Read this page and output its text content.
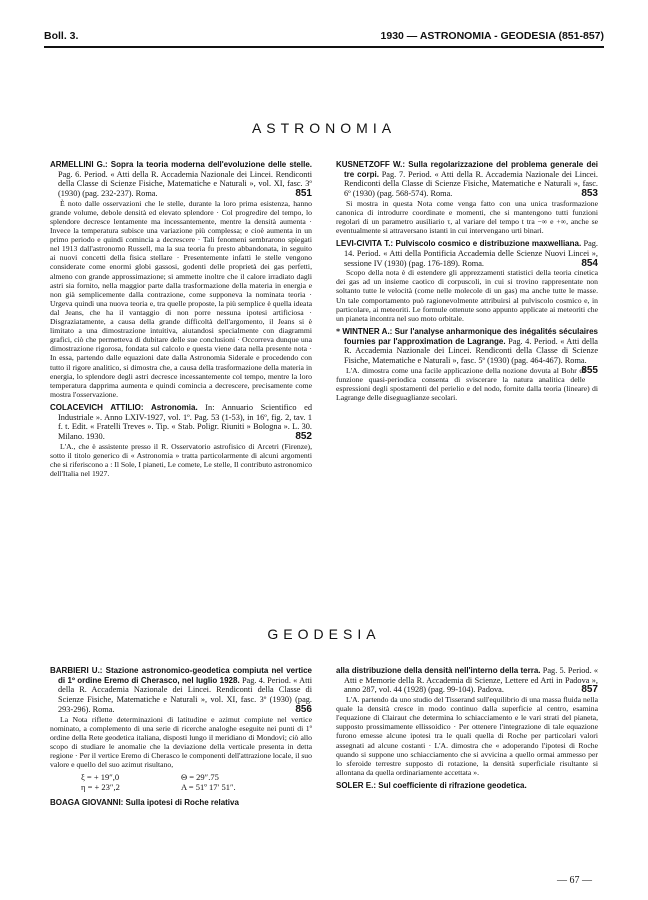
Boll. 3.	1930 — ASTRONOMIA - GEODESIA (851-857)
ASTRONOMIA

ARMELLINI G.: Sopra la teoria moderna dell'evoluzione delle stelle. Pag. 6. Period. « Atti della R. Accademia Nazionale dei Lincei. Rendiconti della Classe di Scienze Fisiche, Matematiche e Naturali », vol. XI, fasc. 3º (1930) (pag. 232-237). Roma.	851

È noto dalle osservazioni che le stelle, durante la loro prima esistenza, hanno grande volume, debole densità ed elevato splendore · Col progredire del tempo, lo splendore decresce lentamente ma incessantemente, mentre la densità aumenta · Invece la temperatura subisce una variazione più complessa; e cioè aumenta in un primo periodo e quindi comincia a decrescere · Tali fenomeni sembrarono spiegati nel 1913 dall'astronomo Russell, ma la sua teoria fu presto abbandonata, in seguito ai nuovi concetti della fisica stellare · Presentemente infatti le stelle vengono considerate come enormi globi gassosi, godenti delle proprietà dei gas perfetti, almeno con grande approssimazione; si ammette inoltre che il calore irradiato dagli astri sia fornito, nella maggior parte dalla trasformazione della materia in energia e non già semplicemente dalla contrazione, come supponeva la nominata teoria · Urgeva quindi una nuova teoria e, tra quelle proposte, la più semplice è quella ideata dal Jeans, che ha il vantaggio di non porre nessuna ipotesi artificiosa · Disgraziatamente, a causa della grande difficoltà dell'argomento, il Jeans si è limitato a una dimostrazione intuitiva, aiutandosi specialmente con diagrammi grafici, ciò che permetteva di dubitare delle sue conclusioni · Occorreva dunque una dimostrazione rigorosa, fondata sul calcolo e questa viene data nella presente nota · In essa, partendo dalle equazioni date dalla Astronomia Siderale e procedendo con tutto il rigore analitico, si dimostra che, a causa della trasformazione della materia in energia, lo splendore degli astri decresce incessantemente col tempo, mentre la loro temperatura dapprima aumenta e quindi comincia a decrescere, precisamente come mostra l'osservazione.

COLACEVICH ATTILIO: Astronomia. In: Annuario Scientifico ed Industriale ». Anno LXIV-1927, vol. 1º. Pag. 53 (1-53), in 16º, fig. 2, tav. 1 f. t. Edit. « Fratelli Treves ». Tip. « Stab. Poligr. Riuniti » Bologna ». L. 30. Milano. 1930.	852

L'A., che è assistente presso il R. Osservatorio astrofisico di Arcetri (Firenze), sotto il titolo generico di « Astronomia » tratta particolarmente di alcuni argomenti che si riferiscono a : Il Sole, I pianeti, Le comete, Le stelle, Il contributo astronomico dell'Italia nel 1927.

KUSNETZOFF W.: Sulla regolarizzazione del problema generale dei tre corpi. Pag. 7. Period. « Atti della R. Accademia Nazionale dei Lincei. Rendiconti della Classe di Scienze Fisiche, Matematiche e Naturali », fasc. 6º (1930) (pag. 568-574). Roma.	853

Si mostra in questa Nota come venga fatto con una unica trasformazione canonica di introdurre coordinate e momenti, che si mantengono tutti funzioni regolari di un parametro ausiliario τ, al variare del tempo t tra −∞ e +∞, anche se eventualmente si attraversano istanti in cui intervengano urti binari.

LEVI-CIVITA T.: Pulviscolo cosmico e distribuzione maxwelliana. Pag. 14. Period. « Atti della Pontificia Accademia delle Scienze Nuovi Lincei », sessione IV (1930) (pag. 176-189). Roma.	854

Scopo della nota è di estendere gli apprezzamenti statistici della teoria cinetica dei gas ad un insieme caotico di corpuscoli, in cui si trovino rappresentate non soltanto tutte le velocità (come nelle molecole di un gas) ma anche tutte le masse. Un tale comportamento può ragionevolmente attribuirsi al pulviscolo cosmico e, in particolare, ai meteoriti. Le formule ottenute sono appunto applicate ai meteoriti che un pianeta incontra nel suo moto orbitale.

* WINTNER A.: Sur l'analyse anharmonique des inégalités séculaires fournies par l'approximation de Lagrange. Pag. 4. Period. « Atti della R. Accademia Nazionale dei Lincei. Rendiconti della Classe di Scienze Fisiche, Matematiche e Naturali », fasc. 5º (1930) (pag. 464-467). Roma.
855

L'A. dimostra come una facile applicazione della nozione dovuta al Bohr di funzione quasi-periodica consenta di sviscerare la natura analitica delle espressioni degli spostamenti del perielio e del nodo, fornite dalla teoria (lineare) di Lagrange delle diseguaglianze secolari.

GEODESIA

BARBIERI U.: Stazione astronomico-geodetica compiuta nel vertice di 1º ordine Eremo di Cherasco, nel luglio 1928. Pag. 4. Period. « Atti della R. Accademia Nazionale dei Lincei. Rendiconti della Classe di Scienze Fisiche, Matematiche e Naturali », vol. XI, fasc. 3º (1930) (pag. 293-296). Roma.	856

La Nota riflette determinazioni di latitudine e azimut compiute nel vertice nominato, a complemento di una serie di ricerche analoghe eseguite nei punti di 1º ordine della Rete geodetica italiana, disposti lungo il meridiano di Mondovì; ciò allo scopo di studiare le anomalie che la deviazione della verticale presenta in detta regione · Per il vertice Eremo di Cherasco le componenti dell'attrazione locale, il suo valore e quello del suo azimut risultano,

ξ = + 19″,0	Θ = 29″.75
η = + 23″,2	A = 51º 17′ 51″.

BOAGA GIOVANNI: Sulla ipotesi di Roche relativa

alla distribuzione della densità nell'interno della terra. Pag. 5. Period. « Atti e Memorie della R. Accademia di Scienze, Lettere ed Arti in Padova », anno 287, vol. 44 (1928) (pag. 99-104). Padova.	857

L'A. partendo da uno studio del Tisserand sull'equilibrio di una massa fluida nella quale la densità cresce in modo continuo dalla superficie al centro, esamina l'equazione di Clairaut che determina lo schiacciamento e le vari strati del pianeta, supposto prossimamente ellissoidico · Per ottenere l'integrazione di tale equazione furono emesse alcune ipotesi tra le quali quella di Roche per particolari valori assegnati ad alcune costanti · L'A. dimostra che « adoperando l'ipotesi di Roche quando si suppone uno schiacciamento che si avvicina a quello ormai ammesso per lo sferoide terrestre supposto di rotazione, la densità superficiale risultante si allontana da quella ordinariamente accettata ».

SOLER E.: Sul coefficiente di rifrazione geodetica.

— 67 —
